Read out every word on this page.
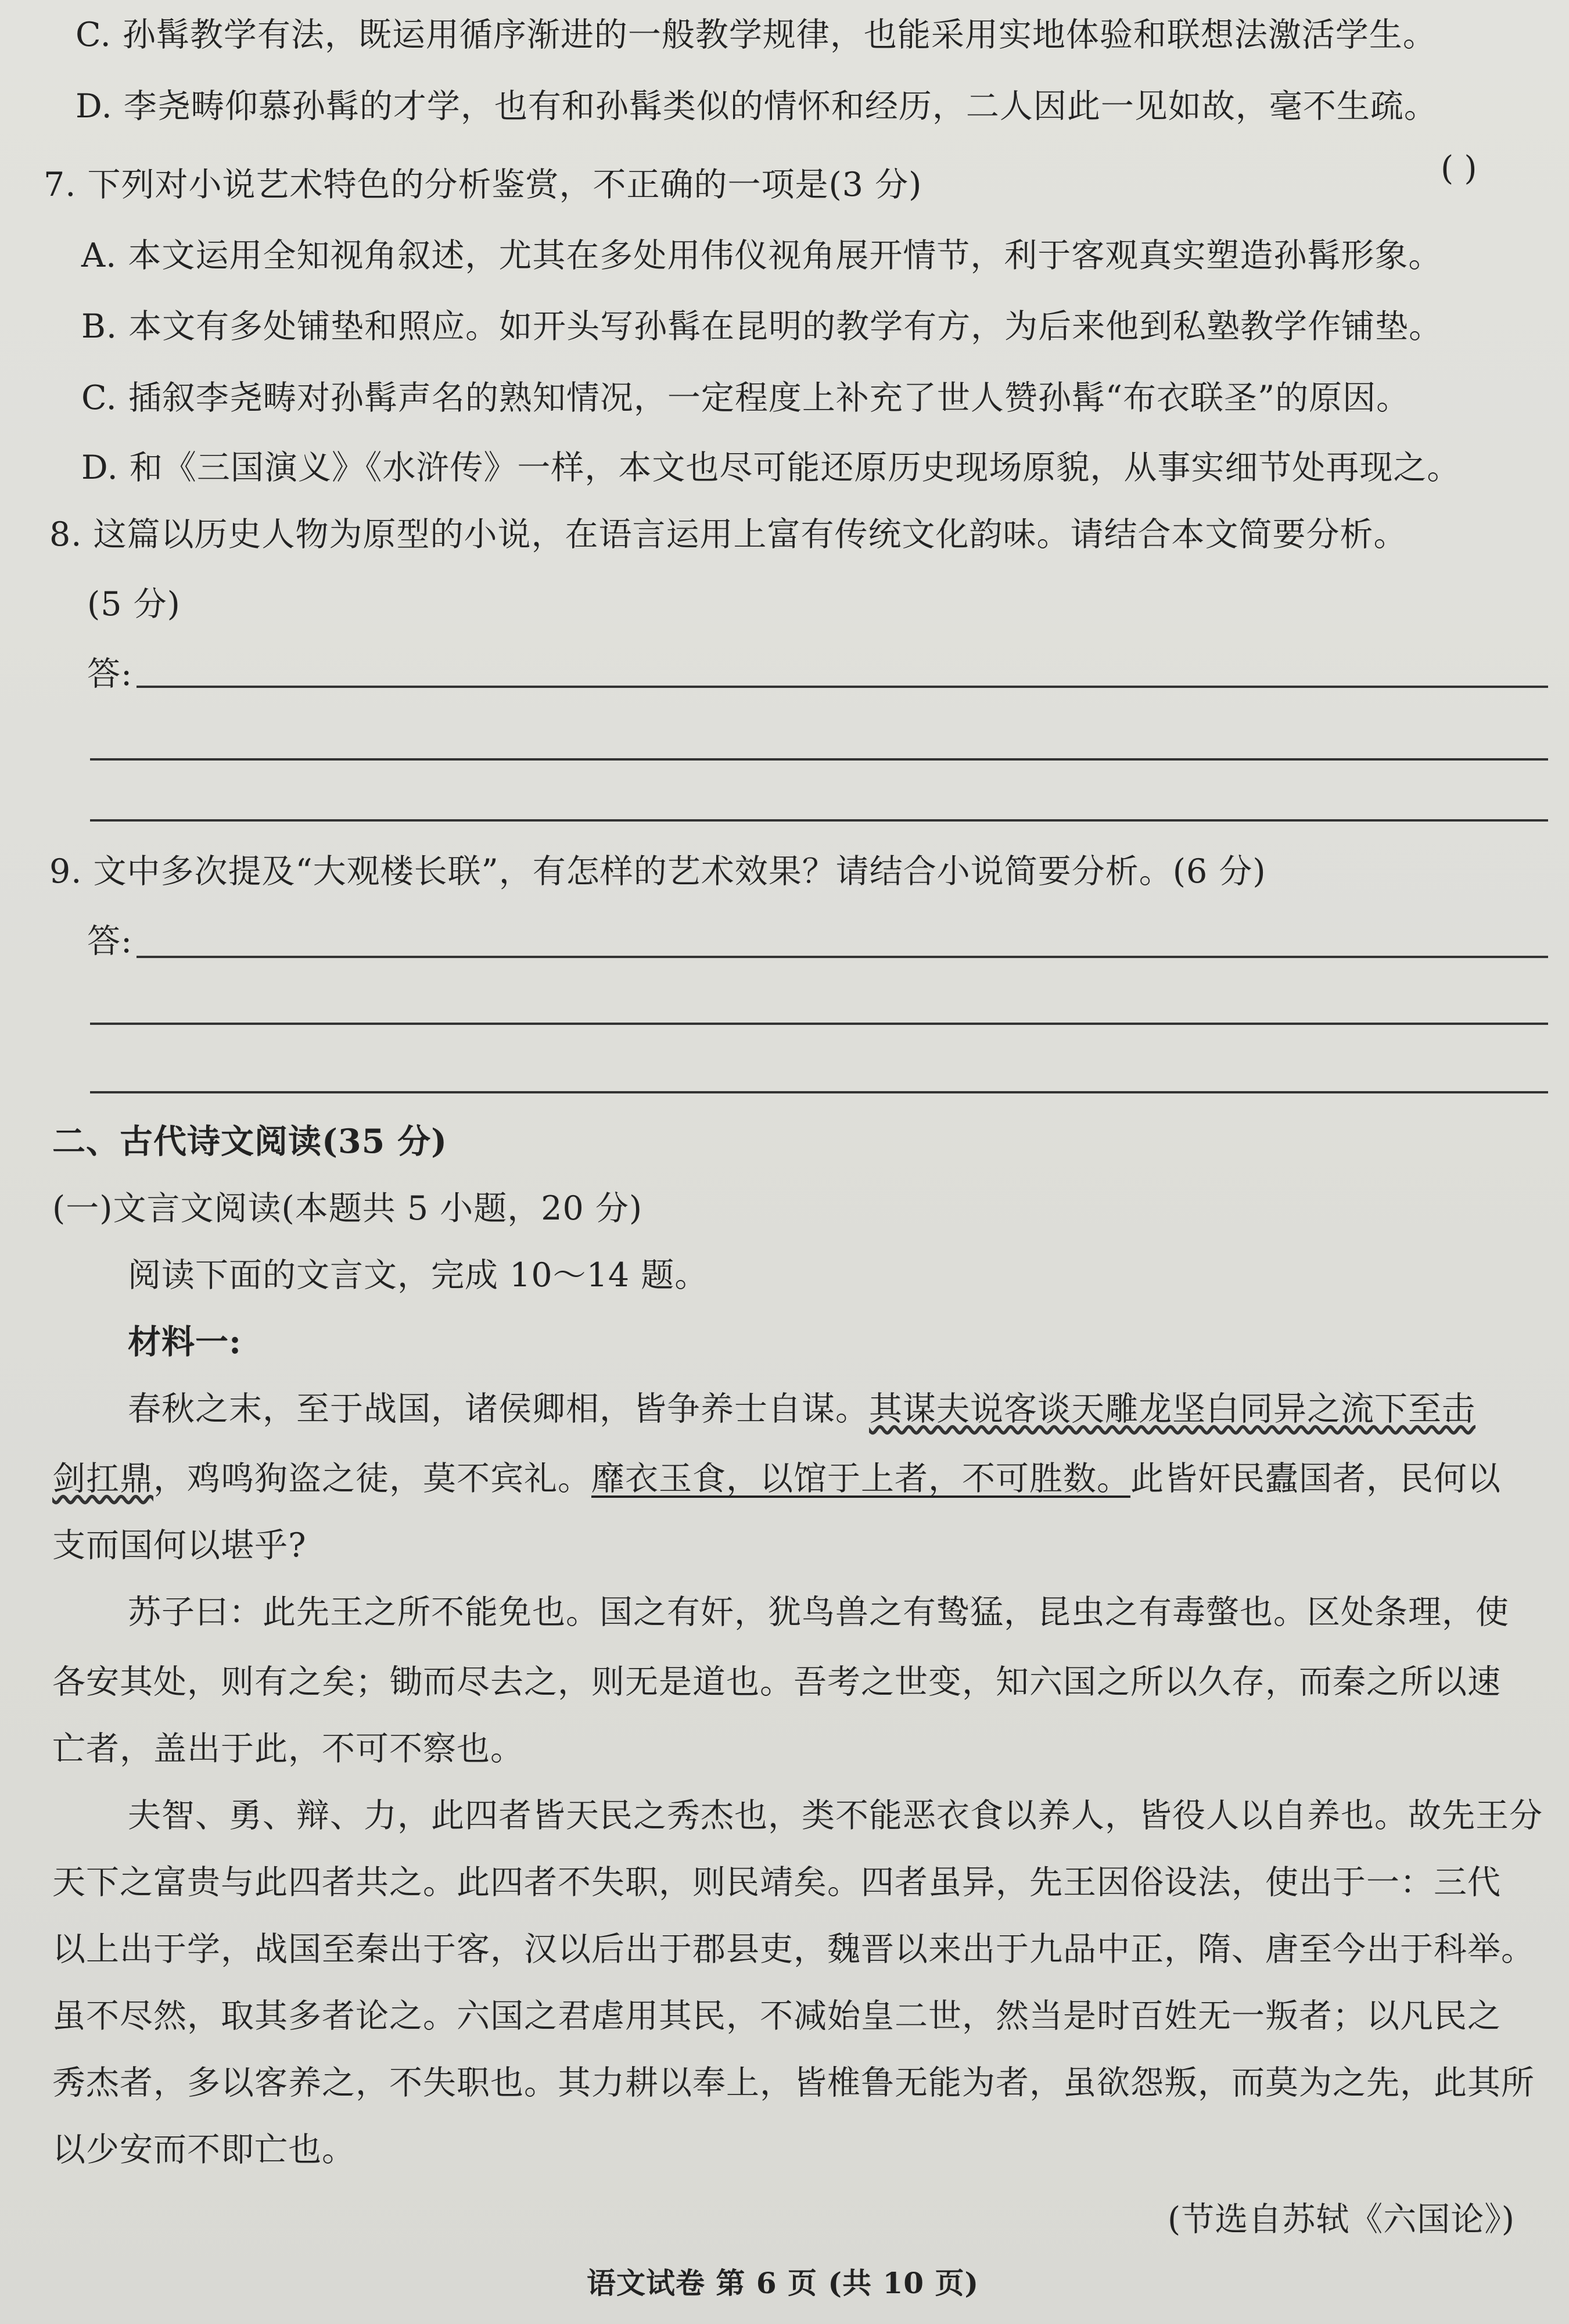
C. 孙髯教学有法，既运用循序渐进的一般教学规律，也能采用实地体验和联想法激活学生。
D. 李尧畴仰慕孙髯的才学，也有和孙髯类似的情怀和经历，二人因此一见如故，毫不生疏。
7. 下列对小说艺术特色的分析鉴赏，不正确的一项是(3 分)	( )
A. 本文运用全知视角叙述，尤其在多处用伟仪视角展开情节，利于客观真实塑造孙髯形象。
B. 本文有多处铺垫和照应。如开头写孙髯在昆明的教学有方，为后来他到私塾教学作铺垫。
C. 插叙李尧畴对孙髯声名的熟知情况，一定程度上补充了世人赞孙髯“布衣联圣”的原因。
D. 和《三国演义》《水浒传》一样，本文也尽可能还原历史现场原貌，从事实细节处再现之。
8. 这篇以历史人物为原型的小说，在语言运用上富有传统文化韵味。请结合本文简要分析。
(5 分)
答:
9. 文中多次提及“大观楼长联”，有怎样的艺术效果？请结合小说简要分析。(6 分)
答:
二、古代诗文阅读(35 分)
(一)文言文阅读(本题共 5 小题，20 分)
阅读下面的文言文，完成 10～14 题。
材料一:
春秋之末，至于战国，诸侯卿相，皆争养士自谋。其谋夫说客谈天雕龙坚白同异之流下至击
剑扛鼎，鸡鸣狗盗之徒，莫不宾礼。靡衣玉食，以馆于上者，不可胜数。此皆奸民蠹国者，民何以
支而国何以堪乎?
苏子曰：此先王之所不能免也。国之有奸，犹鸟兽之有鸷猛，昆虫之有毒螫也。区处条理，使
各安其处，则有之矣；锄而尽去之，则无是道也。吾考之世变，知六国之所以久存，而秦之所以速
亡者，盖出于此，不可不察也。
夫智、勇、辩、力，此四者皆天民之秀杰也，类不能恶衣食以养人，皆役人以自养也。故先王分
天下之富贵与此四者共之。此四者不失职，则民靖矣。四者虽异，先王因俗设法，使出于一：三代
以上出于学，战国至秦出于客，汉以后出于郡县吏，魏晋以来出于九品中正，隋、唐至今出于科举。
虽不尽然，取其多者论之。六国之君虐用其民，不减始皇二世，然当是时百姓无一叛者；以凡民之
秀杰者，多以客养之，不失职也。其力耕以奉上，皆椎鲁无能为者，虽欲怨叛，而莫为之先，此其所
以少安而不即亡也。
(节选自苏轼《六国论》)
语文试卷 第 6 页 (共 10 页)
